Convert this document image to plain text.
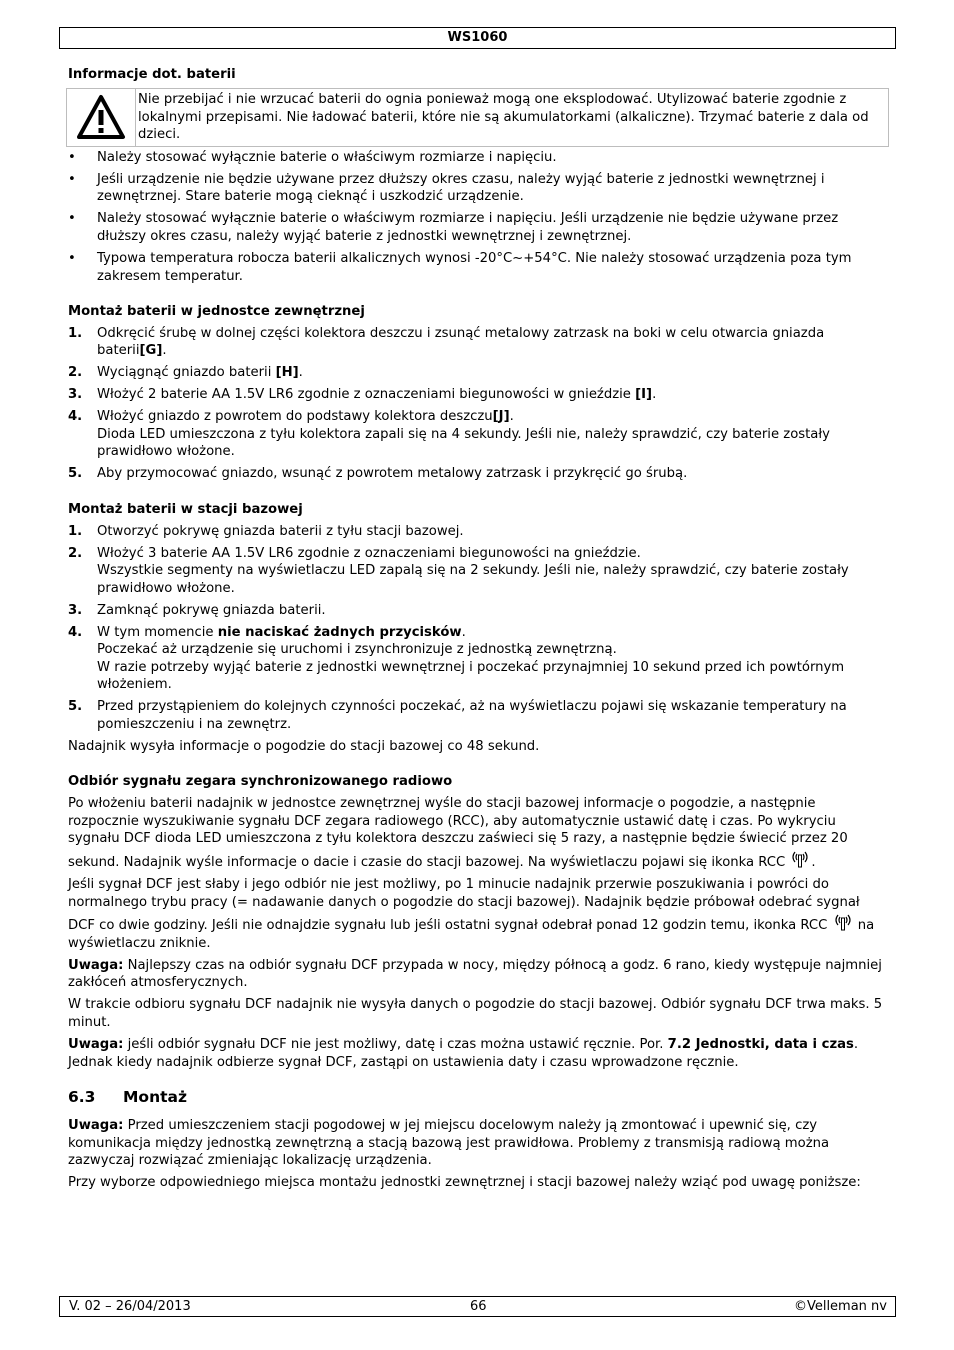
WS1060
Informacje dot. baterii
Nie przebijać i nie wrzucać baterii do ognia ponieważ mogą one eksplodować. Utylizować baterie zgodnie z lokalnymi przepisami. Nie ładować baterii, które nie są akumulatorkami (alkaliczne). Trzymać baterie z dala od dzieci.
• Należy stosować wyłącznie baterie o właściwym rozmiarze i napięciu.
• Jeśli urządzenie nie będzie używane przez dłuższy okres czasu, należy wyjąć baterie z jednostki wewnętrznej i zewnętrznej. Stare baterie mogą cieknąć i uszkodzić urządzenie.
• Należy stosować wyłącznie baterie o właściwym rozmiarze i napięciu. Jeśli urządzenie nie będzie używane przez dłuższy okres czasu, należy wyjąć baterie z jednostki wewnętrznej i zewnętrznej.
• Typowa temperatura robocza baterii alkalicznych wynosi -20°C~+54°C. Nie należy stosować urządzenia poza tym zakresem temperatur.
Montaż baterii w jednostce zewnętrznej
1. Odkręcić śrubę w dolnej części kolektora deszczu i zsunąć metalowy zatrzask na boki w celu otwarcia gniazda baterii[G].
2. Wyciągnąć gniazdo baterii [H].
3. Włożyć 2 baterie AA 1.5V LR6 zgodnie z oznaczeniami biegunowości w gnieździe [I].
4. Włożyć gniazdo z powrotem do podstawy kolektora deszczu[J].
Dioda LED umieszczona z tyłu kolektora zapali się na 4 sekundy. Jeśli nie, należy sprawdzić, czy baterie zostały prawidłowo włożone.
5. Aby przymocować gniazdo, wsunąć z powrotem metalowy zatrzask i przykręcić go śrubą.
Montaż baterii w stacji bazowej
1. Otworzyć pokrywę gniazda baterii z tyłu stacji bazowej.
2. Włożyć 3 baterie AA 1.5V LR6 zgodnie z oznaczeniami biegunowości na gnieździe.
Wszystkie segmenty na wyświetlaczu LED zapalą się na 2 sekundy. Jeśli nie, należy sprawdzić, czy baterie zostały prawidłowo włożone.
3. Zamknąć pokrywę gniazda baterii.
4. W tym momencie nie naciskać żadnych przycisków.
Poczekać aż urządzenie się uruchomi i zsynchronizuje z jednostką zewnętrzną.
W razie potrzeby wyjąć baterie z jednostki wewnętrznej i poczekać przynajmniej 10 sekund przed ich powtórnym włożeniem.
5. Przed przystąpieniem do kolejnych czynności poczekać, aż na wyświetlaczu pojawi się wskazanie temperatury na pomieszczeniu i na zewnętrz.

Nadajnik wysyła informacje o pogodzie do stacji bazowej co 48 sekund.

Odbiór sygnału zegara synchronizowanego radiowo

Po włożeniu baterii nadajnik w jednostce zewnętrznej wyśle do stacji bazowej informacje o pogodzie, a następnie rozpocznie wyszukiwanie sygnału DCF zegara radiowego (RCC), aby automatycznie ustawić datę i czas. Po wykryciu sygnału DCF dioda LED umieszczona z tyłu kolektora deszczu zaświeci się 5 razy, a następnie będzie świecić przez 20 sekund. Nadajnik wyśle informacje o dacie i czasie do stacji bazowej. Na wyświetlaczu pojawi się ikonka RCC .

Jeśli sygnał DCF jest słaby i jego odbiór nie jest możliwy, po 1 minucie nadajnik przerwie poszukiwania i powróci do normalnego trybu pracy (= nadawanie danych o pogodzie do stacji bazowej). Nadajnik będzie próbował odebrać sygnał DCF co dwie godziny. Jeśli nie odnajdzie sygnału lub jeśli ostatni sygnał odebrał ponad 12 godzin temu, ikonka RCC  na wyświetlaczu zniknie.

Uwaga: Najlepszy czas na odbiór sygnału DCF przypada w nocy, między północą a godz. 6 rano, kiedy występuje najmniej zakłóceń atmosferycznych.

W trakcie odbioru sygnału DCF nadajnik nie wysyła danych o pogodzie do stacji bazowej. Odbiór sygnału DCF trwa maks. 5 minut.

Uwaga: jeśli odbiór sygnału DCF nie jest możliwy, datę i czas można ustawić ręcznie. Por. 7.2 Jednostki, data i czas. Jednak kiedy nadajnik odbierze sygnał DCF, zastąpi on ustawienia daty i czasu wprowadzone ręcznie.

6.3 Montaż

Uwaga: Przed umieszczeniem stacji pogodowej w jej miejscu docelowym należy ją zmontować i upewnić się, czy komunikacja między jednostką zewnętrzną a stacją bazową jest prawidłowa. Problemy z transmisją radiową można zazwyczaj rozwiązać zmieniając lokalizację urządzenia.

Przy wyborze odpowiedniego miejsca montażu jednostki zewnętrznej i stacji bazowej należy wziąć pod uwagę poniższe:

V. 02 – 26/04/2013	66	©Velleman nv
